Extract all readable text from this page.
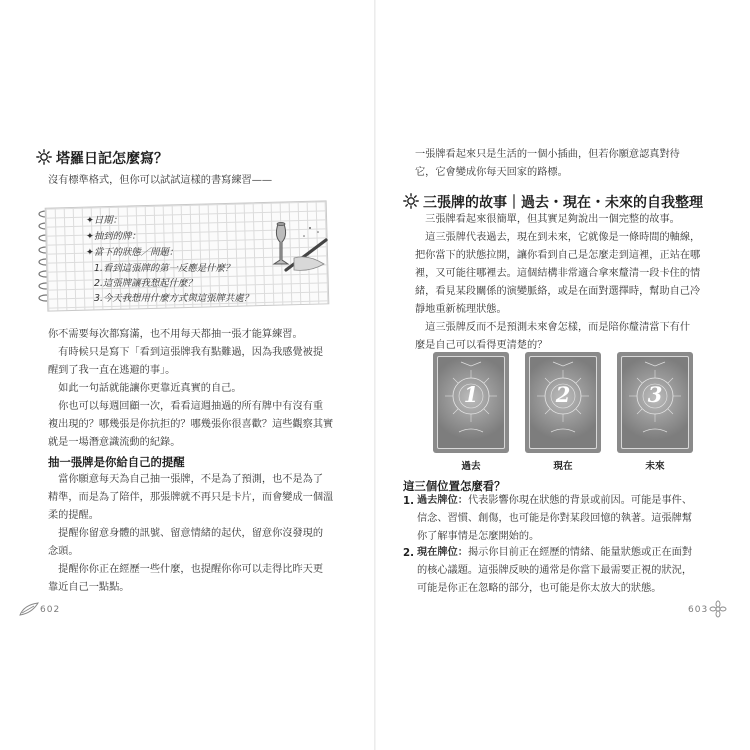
塔羅日記怎麼寫？

沒有標準格式，但你可以試試這樣的書寫練習——

✦日期：
✦抽到的牌：
✦當下的狀態／問題：
1.看到這張牌的第一反應是什麼？
2.這張牌讓我想起什麼？
3.今天我想用什麼方式與這張牌共處？

你不需要每次都寫滿，也不用每天都抽一張才能算練習。
　有時候只是寫下「看到這張牌我有點難過，因為我感覺被提
醒到了我一直在逃避的事」。
　如此一句話就能讓你更靠近真實的自己。
　你也可以每週回顧一次，看看這週抽過的所有牌中有沒有重
複出現的？哪幾張是你抗拒的？哪幾張你很喜歡？這些觀察其實
就是一場潛意識流動的紀錄。

抽一張牌是你給自己的提醒

　當你願意每天為自己抽一張牌，不是為了預測，也不是為了
精準，而是為了陪伴，那張牌就不再只是卡片，而會變成一個溫
柔的提醒。
　提醒你留意身體的訊號、留意情緒的起伏，留意你沒發現的
念頭。
　提醒你你正在經歷一些什麼，也提醒你你可以走得比昨天更
靠近自己一點點。

602

一張牌看起來只是生活的一個小插曲，但若你願意認真對待
它，它會變成你每天回家的路標。

三張牌的故事｜過去・現在・未來的自我整理

　三張牌看起來很簡單，但其實足夠說出一個完整的故事。
　這三張牌代表過去，現在到未來，它就像是一條時間的軸線，
把你當下的狀態拉開，讓你看到自己是怎麼走到這裡，正站在哪
裡，又可能往哪裡去。這個結構非常適合拿來釐清一段卡住的情
緒，看見某段關係的演變脈絡，或是在面對選擇時，幫助自己冷
靜地重新梳理狀態。
　這三張牌反而不是預測未來會怎樣，而是陪你釐清當下有什
麼是自己可以看得更清楚的？

1	2	3
過去	現在	未來
這三個位置怎麼看？
1. 過去牌位：代表影響你現在狀態的背景或前因。可能是事件、
信念、習慣、創傷，也可能是你對某段回憶的執著。這張牌幫
你了解事情是怎麼開始的。
2. 現在牌位：揭示你目前正在經歷的情緒、能量狀態或正在面對
的核心議題。這張牌反映的通常是你當下最需要正視的狀況，
可能是你正在忽略的部分，也可能是你太放大的狀態。
603
